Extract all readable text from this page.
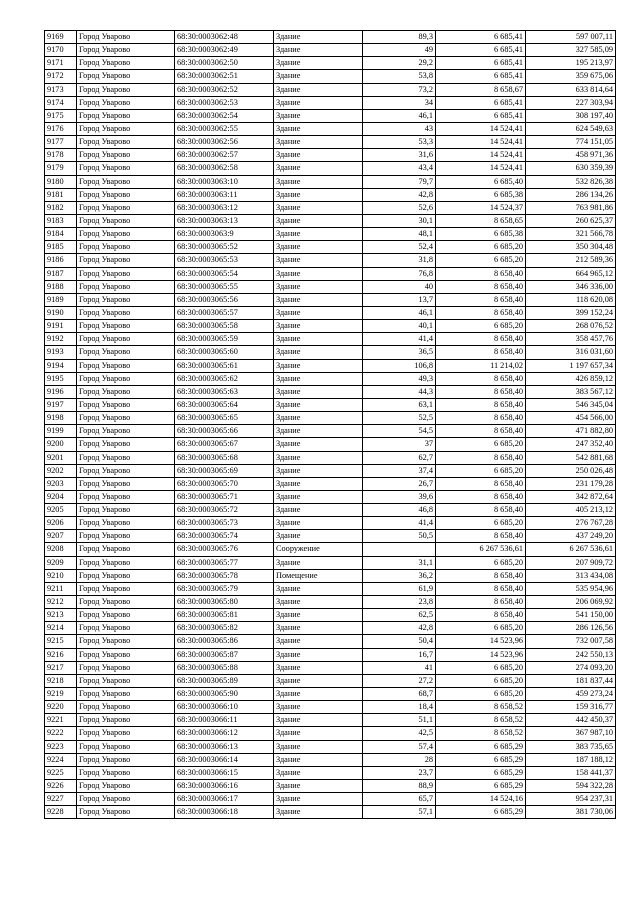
9169	Город Уварово	68:30:0003062:48	Здание	89,3	6 685,41	597 007,11
9170	Город Уварово	68:30:0003062:49	Здание	49	6 685,41	327 585,09
9171	Город Уварово	68:30:0003062:50	Здание	29,2	6 685,41	195 213,97
9172	Город Уварово	68:30:0003062:51	Здание	53,8	6 685,41	359 675,06
9173	Город Уварово	68:30:0003062:52	Здание	73,2	8 658,67	633 814,64
9174	Город Уварово	68:30:0003062:53	Здание	34	6 685,41	227 303,94
9175	Город Уварово	68:30:0003062:54	Здание	46,1	6 685,41	308 197,40
9176	Город Уварово	68:30:0003062:55	Здание	43	14 524,41	624 549,63
9177	Город Уварово	68:30:0003062:56	Здание	53,3	14 524,41	774 151,05
9178	Город Уварово	68:30:0003062:57	Здание	31,6	14 524,41	458 971,36
9179	Город Уварово	68:30:0003062:58	Здание	43,4	14 524,41	630 359,39
9180	Город Уварово	68:30:0003063:10	Здание	79,7	6 685,40	532 826,38
9181	Город Уварово	68:30:0003063:11	Здание	42,8	6 685,38	286 134,26
9182	Город Уварово	68:30:0003063:12	Здание	52,6	14 524,37	763 981,86
9183	Город Уварово	68:30:0003063:13	Здание	30,1	8 658,65	260 625,37
9184	Город Уварово	68:30:0003063:9	Здание	48,1	6 685,38	321 566,78
9185	Город Уварово	68:30:0003065:52	Здание	52,4	6 685,20	350 304,48
9186	Город Уварово	68:30:0003065:53	Здание	31,8	6 685,20	212 589,36
9187	Город Уварово	68:30:0003065:54	Здание	76,8	8 658,40	664 965,12
9188	Город Уварово	68:30:0003065:55	Здание	40	8 658,40	346 336,00
9189	Город Уварово	68:30:0003065:56	Здание	13,7	8 658,40	118 620,08
9190	Город Уварово	68:30:0003065:57	Здание	46,1	8 658,40	399 152,24
9191	Город Уварово	68:30:0003065:58	Здание	40,1	6 685,20	268 076,52
9192	Город Уварово	68:30:0003065:59	Здание	41,4	8 658,40	358 457,76
9193	Город Уварово	68:30:0003065:60	Здание	36,5	8 658,40	316 031,60
9194	Город Уварово	68:30:0003065:61	Здание	106,8	11 214,02	1 197 657,34
9195	Город Уварово	68:30:0003065:62	Здание	49,3	8 658,40	426 859,12
9196	Город Уварово	68:30:0003065:63	Здание	44,3	8 658,40	383 567,12
9197	Город Уварово	68:30:0003065:64	Здание	63,1	8 658,40	546 345,04
9198	Город Уварово	68:30:0003065:65	Здание	52,5	8 658,40	454 566,00
9199	Город Уварово	68:30:0003065:66	Здание	54,5	8 658,40	471 882,80
9200	Город Уварово	68:30:0003065:67	Здание	37	6 685,20	247 352,40
9201	Город Уварово	68:30:0003065:68	Здание	62,7	8 658,40	542 881,68
9202	Город Уварово	68:30:0003065:69	Здание	37,4	6 685,20	250 026,48
9203	Город Уварово	68:30:0003065:70	Здание	26,7	8 658,40	231 179,28
9204	Город Уварово	68:30:0003065:71	Здание	39,6	8 658,40	342 872,64
9205	Город Уварово	68:30:0003065:72	Здание	46,8	8 658,40	405 213,12
9206	Город Уварово	68:30:0003065:73	Здание	41,4	6 685,20	276 767,28
9207	Город Уварово	68:30:0003065:74	Здание	50,5	8 658,40	437 249,20
9208	Город Уварово	68:30:0003065:76	Сооружение		6 267 536,61	6 267 536,61
9209	Город Уварово	68:30:0003065:77	Здание	31,1	6 685,20	207 909,72
9210	Город Уварово	68:30:0003065:78	Помещение	36,2	8 658,40	313 434,08
9211	Город Уварово	68:30:0003065:79	Здание	61,9	8 658,40	535 954,96
9212	Город Уварово	68:30:0003065:80	Здание	23,8	8 658,40	206 069,92
9213	Город Уварово	68:30:0003065:81	Здание	62,5	8 658,40	541 150,00
9214	Город Уварово	68:30:0003065:82	Здание	42,8	6 685,20	286 126,56
9215	Город Уварово	68:30:0003065:86	Здание	50,4	14 523,96	732 007,58
9216	Город Уварово	68:30:0003065:87	Здание	16,7	14 523,96	242 550,13
9217	Город Уварово	68:30:0003065:88	Здание	41	6 685,20	274 093,20
9218	Город Уварово	68:30:0003065:89	Здание	27,2	6 685,20	181 837,44
9219	Город Уварово	68:30:0003065:90	Здание	68,7	6 685,20	459 273,24
9220	Город Уварово	68:30:0003066:10	Здание	18,4	8 658,52	159 316,77
9221	Город Уварово	68:30:0003066:11	Здание	51,1	8 658,52	442 450,37
9222	Город Уварово	68:30:0003066:12	Здание	42,5	8 658,52	367 987,10
9223	Город Уварово	68:30:0003066:13	Здание	57,4	6 685,29	383 735,65
9224	Город Уварово	68:30:0003066:14	Здание	28	6 685,29	187 188,12
9225	Город Уварово	68:30:0003066:15	Здание	23,7	6 685,29	158 441,37
9226	Город Уварово	68:30:0003066:16	Здание	88,9	6 685,29	594 322,28
9227	Город Уварово	68:30:0003066:17	Здание	65,7	14 524,16	954 237,31
9228	Город Уварово	68:30:0003066:18	Здание	57,1	6 685,29	381 730,06
